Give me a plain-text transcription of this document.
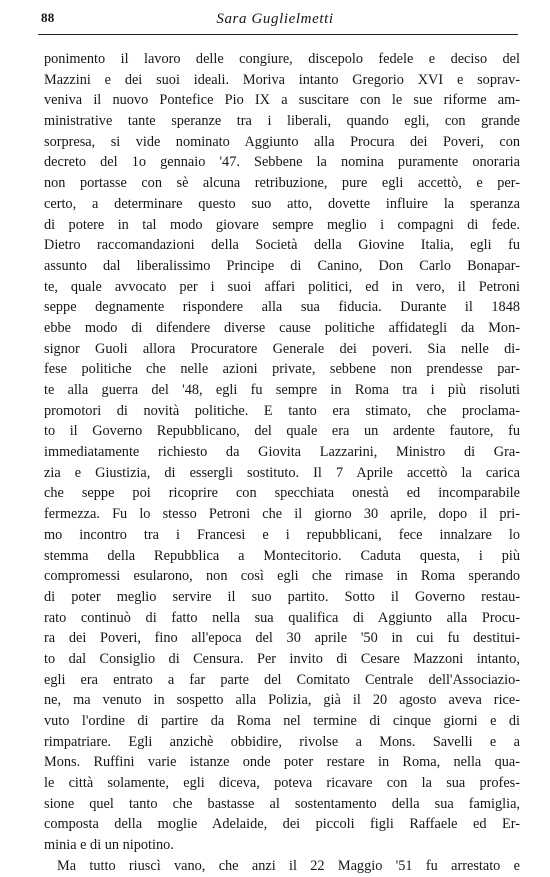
88	Sara Guglielmetti
ponimento il lavoro delle congiure, discepolo fedele e deciso del
Mazzini e dei suoi ideali. Moriva intanto Gregorio XVI e soprav-
veniva il nuovo Pontefice Pio IX a suscitare con le sue riforme am-
ministrative tante speranze tra i liberali, quando egli, con grande
sorpresa, si vide nominato Aggiunto alla Procura dei Poveri, con
decreto del 1o gennaio '47. Sebbene la nomina puramente onoraria
non portasse con sè alcuna retribuzione, pure egli accettò, e per-
certo, a determinare questo suo atto, dovette influire la speranza
di potere in tal modo giovare sempre meglio i compagni di fede.
Dietro raccomandazioni della Società della Giovine Italia, egli fu
assunto dal liberalissimo Principe di Canino, Don Carlo Bonapar-
te, quale avvocato per i suoi affari politici, ed in vero, il Petroni
seppe degnamente rispondere alla sua fiducia. Durante il 1848
ebbe modo di difendere diverse cause politiche affidategli da Mon-
signor Guoli allora Procuratore Generale dei poveri. Sia nelle di-
fese politiche che nelle azioni private, sebbene non prendesse par-
te alla guerra del '48, egli fu sempre in Roma tra i più risoluti
promotori di novità politiche. E tanto era stimato, che proclama-
to il Governo Repubblicano, del quale era un ardente fautore, fu
immediatamente richiesto da Giovita Lazzarini, Ministro di Gra-
zia e Giustizia, di essergli sostituto. Il 7 Aprile accettò la carica
che seppe poi ricoprire con specchiata onestà ed incomparabile
fermezza. Fu lo stesso Petroni che il giorno 30 aprile, dopo il pri-
mo incontro tra i Francesi e i repubblicani, fece innalzare lo
stemma della Repubblica a Montecitorio. Caduta questa, i più
compromessi esularono, non così egli che rimase in Roma sperando
di poter meglio servire il suo partito. Sotto il Governo restau-
rato continuò di fatto nella sua qualifica di Aggiunto alla Procu-
ra dei Poveri, fino all'epoca del 30 aprile '50 in cui fu destitui-
to dal Consiglio di Censura. Per invito di Cesare Mazzoni intanto,
egli era entrato a far parte del Comitato Centrale dell'Associazio-
ne, ma venuto in sospetto alla Polizia, già il 20 agosto aveva rice-
vuto l'ordine di partire da Roma nel termine di cinque giorni e di
rimpatriare. Egli anzichè obbidire, rivolse a Mons. Savelli e a
Mons. Ruffini varie istanze onde poter restare in Roma, nella qua-
le città solamente, egli diceva, poteva ricavare con la sua profes-
sione quel tanto che bastasse al sostentamento della sua famiglia,
composta della moglie Adelaide, dei piccoli figli Raffaele ed Er-
minia e di un nipotino.
Ma tutto riuscì vano, che anzi il 22 Maggio '51 fu arrestato e
